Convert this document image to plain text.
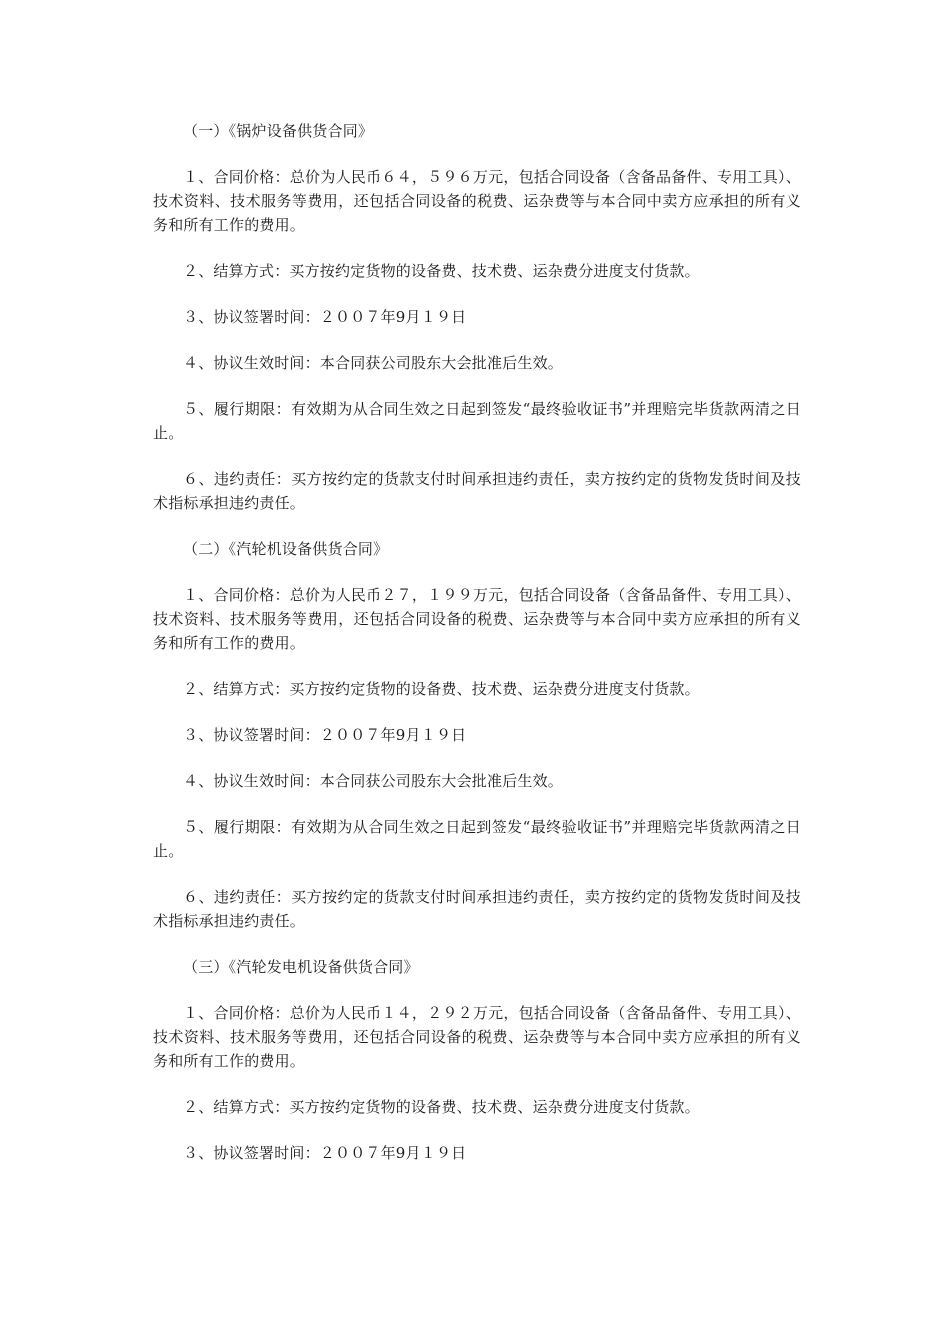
（一）《锅炉设备供货合同》

１、合同价格：总价为人民币６４，５９６万元，包括合同设备（含备品备件、专用工具）、技术资料、技术服务等费用，还包括合同设备的税费、运杂费等与本合同中卖方应承担的所有义务和所有工作的费用。

２、结算方式：买方按约定货物的设备费、技术费、运杂费分进度支付货款。

３、协议签署时间：２００７年9月１９日

４、协议生效时间：本合同获公司股东大会批准后生效。

５、履行期限：有效期为从合同生效之日起到签发“最终验收证书”并理赔完毕货款两清之日止。

６、违约责任：买方按约定的货款支付时间承担违约责任，卖方按约定的货物发货时间及技术指标承担违约责任。

（二）《汽轮机设备供货合同》

１、合同价格：总价为人民币２７，１９９万元，包括合同设备（含备品备件、专用工具）、技术资料、技术服务等费用，还包括合同设备的税费、运杂费等与本合同中卖方应承担的所有义务和所有工作的费用。

２、结算方式：买方按约定货物的设备费、技术费、运杂费分进度支付货款。

３、协议签署时间：２００７年9月１９日

４、协议生效时间：本合同获公司股东大会批准后生效。

５、履行期限：有效期为从合同生效之日起到签发“最终验收证书”并理赔完毕货款两清之日止。

６、违约责任：买方按约定的货款支付时间承担违约责任，卖方按约定的货物发货时间及技术指标承担违约责任。

（三）《汽轮发电机设备供货合同》

１、合同价格：总价为人民币１４，２９２万元，包括合同设备（含备品备件、专用工具）、技术资料、技术服务等费用，还包括合同设备的税费、运杂费等与本合同中卖方应承担的所有义务和所有工作的费用。

２、结算方式：买方按约定货物的设备费、技术费、运杂费分进度支付货款。

３、协议签署时间：２００７年9月１９日
